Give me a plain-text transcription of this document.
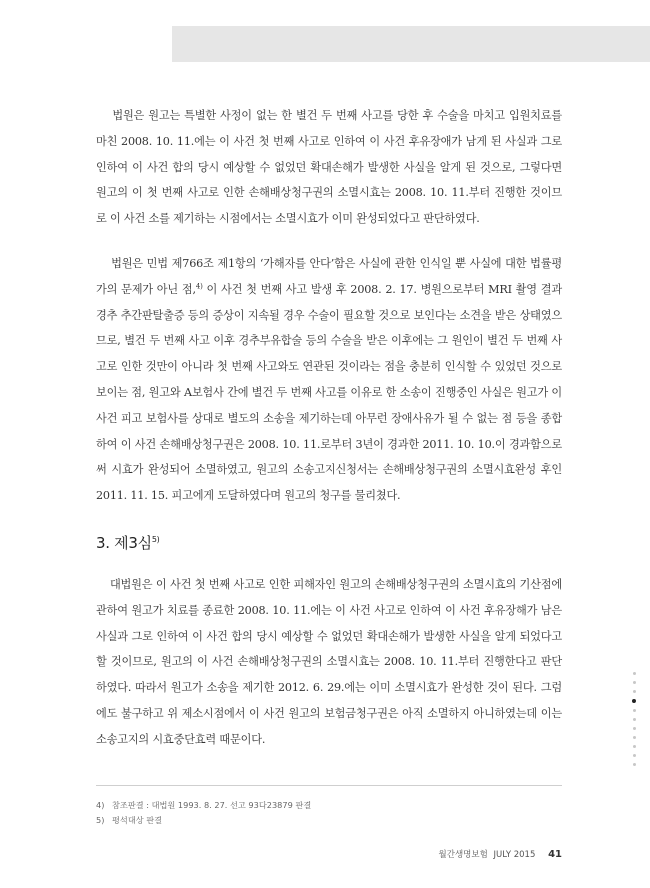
법원은 원고는 특별한 사정이 없는 한 별건 두 번째 사고를 당한 후 수술을 마치고 입원치료를 마친 2008. 10. 11.에는 이 사건 첫 번째 사고로 인하여 이 사건 후유장애가 남게 된 사실과 그로 인하여 이 사건 합의 당시 예상할 수 없었던 확대손해가 발생한 사실을 알게 된 것으로, 그렇다면 원고의 이 첫 번째 사고로 인한 손해배상청구권의 소멸시효는 2008. 10. 11.부터 진행한 것이므로 이 사건 소를 제기하는 시점에서는 소멸시효가 이미 완성되었다고 판단하였다.

법원은 민법 제766조 제1항의 ‘가해자를 안다’함은 사실에 관한 인식일 뿐 사실에 대한 법률평가의 문제가 아닌 점,$^{4)}$ 이 사건 첫 번째 사고 발생 후 2008. 2. 17. 병원으로부터 MRI 촬영 결과 경추 추간판탈출증 등의 증상이 지속될 경우 수술이 필요할 것으로 보인다는 소견을 받은 상태였으므로, 별건 두 번째 사고 이후 경추부유합술 등의 수술을 받은 이후에는 그 원인이 별건 두 번째 사고로 인한 것만이 아니라 첫 번째 사고와도 연관된 것이라는 점을 충분히 인식할 수 있었던 것으로 보이는 점, 원고와 A보험사 간에 별건 두 번째 사고를 이유로 한 소송이 진행중인 사실은 원고가 이 사건 피고 보험사를 상대로 별도의 소송을 제기하는데 아무런 장애사유가 될 수 없는 점 등을 종합하여 이 사건 손해배상청구권은 2008. 10. 11.로부터 3년이 경과한 2011. 10. 10.이 경과함으로써 시효가 완성되어 소멸하였고, 원고의 소송고지신청서는 손해배상청구권의 소멸시효완성 후인 2011. 11. 15. 피고에게 도달하였다며 원고의 청구를 물리쳤다.

3. 제3심$^{5)}$

대법원은 이 사건 첫 번째 사고로 인한 피해자인 원고의 손해배상청구권의 소멸시효의 기산점에 관하여 원고가 치료를 종료한 2008. 10. 11.에는 이 사건 사고로 인하여 이 사건 후유장해가 남은 사실과 그로 인하여 이 사건 합의 당시 예상할 수 없었던 확대손해가 발생한 사실을 알게 되었다고 할 것이므로, 원고의 이 사건 손해배상청구권의 소멸시효는 2008. 10. 11.부터 진행한다고 판단하였다. 따라서 원고가 소송을 제기한 2012. 6. 29.에는 이미 소멸시효가 완성한 것이 된다. 그럼에도 불구하고 위 제소시점에서 이 사건 원고의 보험금청구권은 아직 소멸하지 아니하였는데 이는 소송고지의 시효중단효력 때문이다.

4) 참조판결 : 대법원 1993. 8. 27. 선고 93다23879 판결
5) 평석대상 판결
월간생명보험 JULY 2015 41
